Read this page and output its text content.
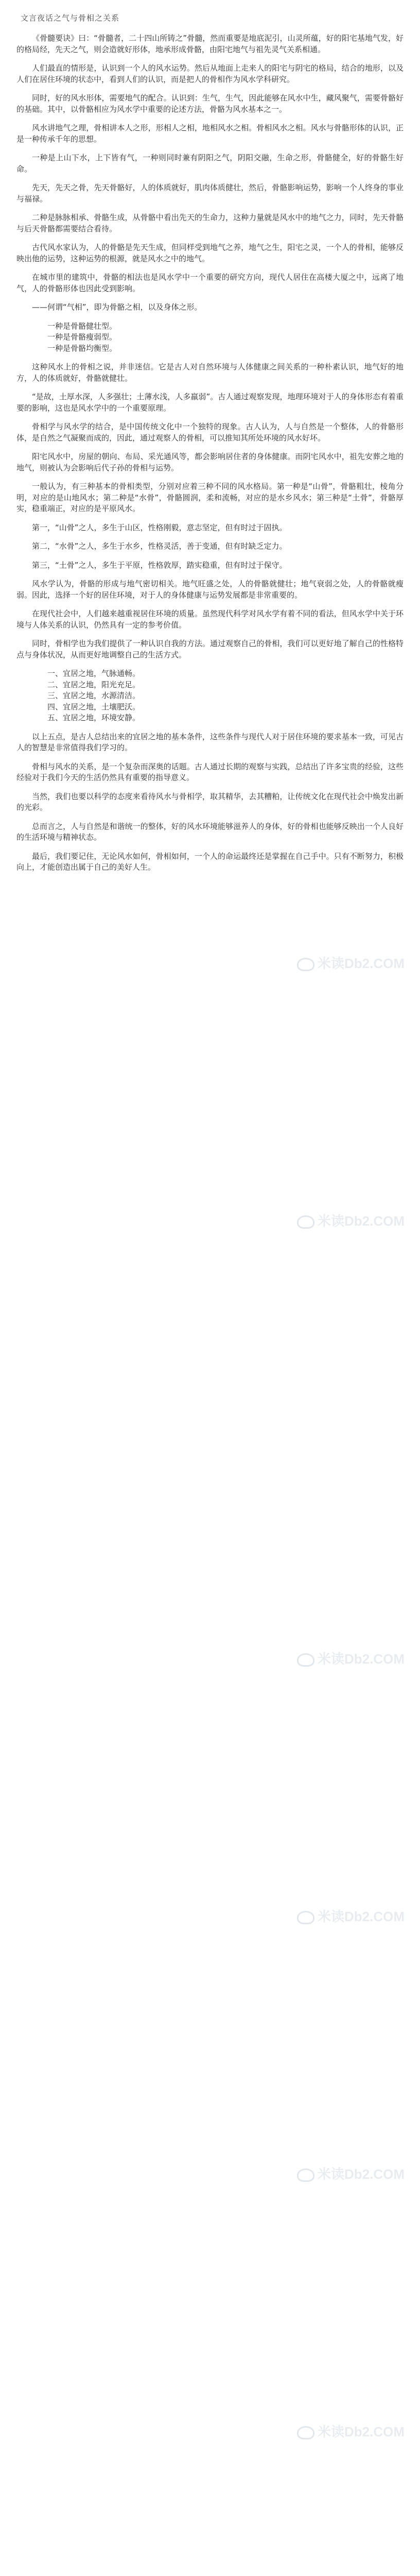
文言夜话之气与骨相之关系

《骨髓要诀》曰：“骨髓者，二十四山所铸之”骨髓，然而重要是地底泥引，山灵所蕴，好的阳宅基地气发，好的格局经，先天之气，则会造就好形体，地承形成骨骼，由阳宅地气与祖先灵气关系相通。

人们最直的情形是，认识到一个人的风水运势。然后从地面上走来人的阳宅与阴宅的格局，结合的地形，以及人们在居住环境的状态中，看到人们的认识，而是把人的骨相作为风水学科研究。

同时，好的风水形体，需要地气的配合。认识到：生气，生气，因此能够在风水中生，藏风聚气，需要骨骼好的基础。其中，以骨骼相应为风水学中重要的论述方法，骨骼为风水基本之一。

风水讲地气之理，骨相讲本人之形，形相人之相，地相风水之相。骨相风水之相。风水与骨骼形体的认识，正是一种传承千年的思想。

一种是上山下水，上下皆有气，一种则同时兼有阴阳之气，阴阳交融，生命之形，骨骼健全，好的骨骼生好命。

先天，先天之骨，先天骨骼好，人的体质就好，肌肉体质健壮，然后，骨骼影响运势，影响一个人终身的事业与福禄。

二种是脉脉相承、骨骼生成，从骨骼中看出先天的生命力，这种力量就是风水中的地气之力，同时，先天骨骼与后天骨骼都需要结合看待。

古代风水家认为，人的骨骼是先天生成，但同样受到地气之养，地气之生，阳宅之灵，一个人的骨相，能够反映出他的运势，这种运势的根源，就是风水之中的地气。

在城市里的建筑中，骨骼的相法也是风水学中一个重要的研究方向，现代人居住在高楼大厦之中，远离了地气，人的骨骼形体也因此受到影响。

——何谓“气相”，即为骨骼之相，以及身体之形。

一种是骨骼健壮型。

一种是骨骼瘦弱型。

一种是骨骼均衡型。

这种风水上的骨相之说，并非迷信。它是古人对自然环境与人体健康之间关系的一种朴素认识，地气好的地方，人的体质就好，骨骼就健壮。

“是故，土厚水深，人多强壮；土薄水浅，人多羸弱”。古人通过观察发现，地理环境对于人的身体形态有着重要的影响，这也是风水学中的一个重要原理。

骨相学与风水学的结合，是中国传统文化中一个独特的现象。古人认为，人与自然是一个整体，人的骨骼形体，是自然之气凝聚而成的，因此，通过观察人的骨相，可以推知其所处环境的风水好坏。

阳宅风水中，房屋的朝向、布局、采光通风等，都会影响居住者的身体健康。而阴宅风水中，祖先安葬之地的地气，则被认为会影响后代子孙的骨相与运势。

一般认为，有三种基本的骨相类型，分别对应着三种不同的风水格局。第一种是“山骨”，骨骼粗壮，棱角分明，对应的是山地风水；第二种是“水骨”，骨骼圆润，柔和流畅，对应的是水乡风水；第三种是“土骨”，骨骼厚实，稳重端正，对应的是平原风水。

第一，“山骨”之人，多生于山区，性格刚毅，意志坚定，但有时过于固执。

第二，“水骨”之人，多生于水乡，性格灵活，善于变通，但有时缺乏定力。

第三，“土骨”之人，多生于平原，性格敦厚，踏实稳重，但有时过于保守。

风水学认为，骨骼的形成与地气密切相关。地气旺盛之处，人的骨骼就健壮；地气衰弱之处，人的骨骼就瘦弱。因此，选择一个好的居住环境，对于人的身体健康与运势发展都是非常重要的。

在现代社会中，人们越来越重视居住环境的质量。虽然现代科学对风水学有着不同的看法，但风水学中关于环境与人体关系的认识，仍然具有一定的参考价值。

同时，骨相学也为我们提供了一种认识自我的方法。通过观察自己的骨相，我们可以更好地了解自己的性格特点与身体状况，从而更好地调整自己的生活方式。

一、宜居之地，气脉通畅。

二、宜居之地，阳光充足。

三、宜居之地，水源清洁。

四、宜居之地，土壤肥沃。

五、宜居之地，环境安静。

以上五点，是古人总结出来的宜居之地的基本条件，这些条件与现代人对于居住环境的要求基本一致，可见古人的智慧是非常值得我们学习的。

骨相与风水的关系，是一个复杂而深奥的话题。古人通过长期的观察与实践，总结出了许多宝贵的经验，这些经验对于我们今天的生活仍然具有重要的指导意义。

当然，我们也要以科学的态度来看待风水与骨相学，取其精华，去其糟粕，让传统文化在现代社会中焕发出新的光彩。

总而言之，人与自然是和谐统一的整体，好的风水环境能够滋养人的身体，好的骨相也能够反映出一个人良好的生活环境与精神状态。

最后，我们要记住，无论风水如何，骨相如何，一个人的命运最终还是掌握在自己手中。只有不断努力，积极向上，才能创造出属于自己的美好人生。

米读Db2.COM
米读Db2.COM
米读Db2.COM
米读Db2.COM
米读Db2.COM
米读Db2.COM
